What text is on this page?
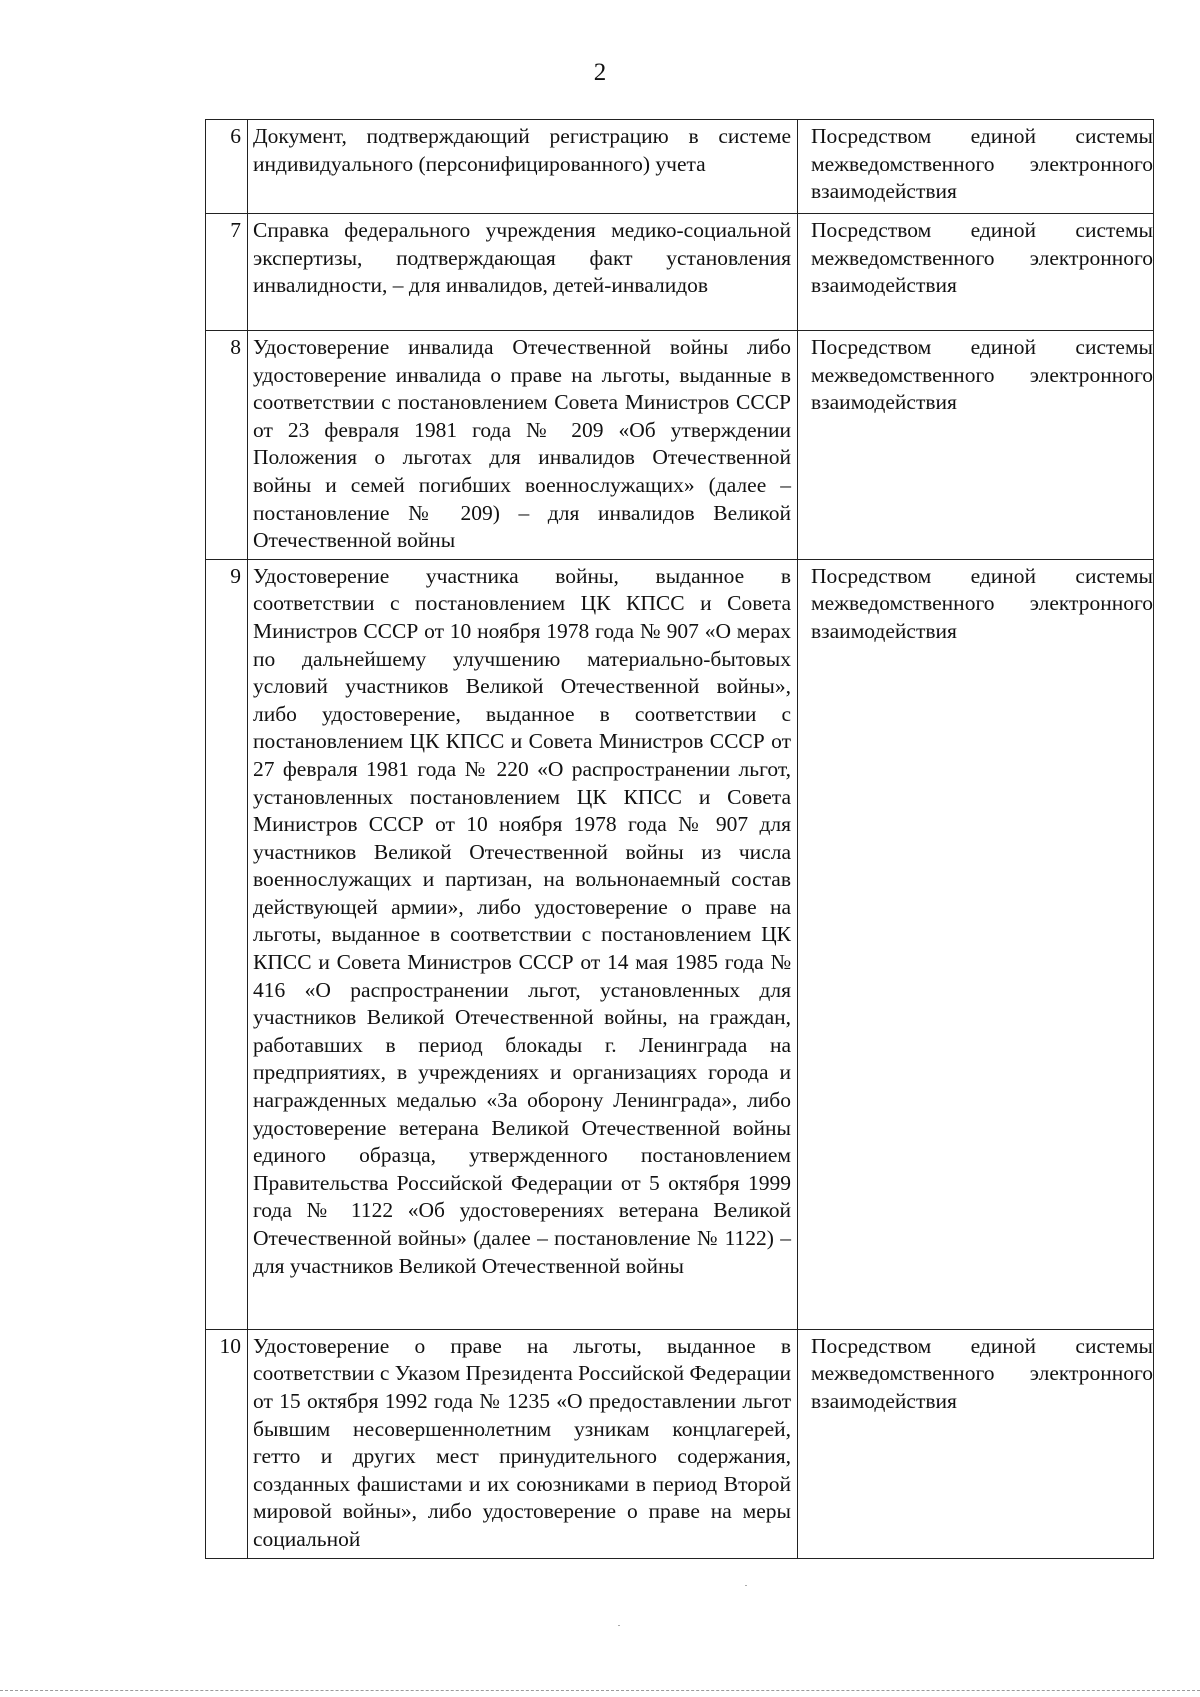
2
6	Документ, подтверждающий регистрацию в системе индивидуального (персонифицированного) учета	Посредством единой системы межведомственного электронного взаимодействия
7	Справка федерального учреждения медико-социальной экспертизы, подтверждающая факт установления инвалидности, – для инвалидов, детей-инвалидов	Посредством единой системы межведомственного электронного взаимодействия
8	Удостоверение инвалида Отечественной войны либо удостоверение инвалида о праве на льготы, выданные в соответствии с постановлением Совета Министров СССР от 23 февраля 1981 года № 209 «Об утверждении Положения о льготах для инвалидов Отечественной войны и семей погибших военнослужащих» (далее – постановление № 209) – для инвалидов Великой Отечественной войны	Посредством единой системы межведомственного электронного взаимодействия
9	Удостоверение участника войны, выданное в соответствии с постановлением ЦК КПСС и Совета Министров СССР от 10 ноября 1978 года № 907 «О мерах по дальнейшему улучшению материально-бытовых условий участников Великой Отечественной войны», либо удостоверение, выданное в соответствии с постановлением ЦК КПСС и Совета Министров СССР от 27 февраля 1981 года № 220 «О распространении льгот, установленных постановлением ЦК КПСС и Совета Министров СССР от 10 ноября 1978 года № 907 для участников Великой Отечественной войны из числа военнослужащих и партизан, на вольнонаемный состав действующей армии», либо удостоверение о праве на льготы, выданное в соответствии с постановлением ЦК КПСС и Совета Министров СССР от 14 мая 1985 года № 416 «О распространении льгот, установленных для участников Великой Отечественной войны, на граждан, работавших в период блокады г. Ленинграда на предприятиях, в учреждениях и организациях города и награжденных медалью «За оборону Ленинграда», либо удостоверение ветерана Великой Отечественной войны единого образца, утвержденного постановлением Правительства Российской Федерации от 5 октября 1999 года № 1122 «Об удостоверениях ветерана Великой Отечественной войны» (далее – постановление № 1122) – для участников Великой Отечественной войны	Посредством единой системы межведомственного электронного взаимодействия
10	Удостоверение о праве на льготы, выданное в соответствии с Указом Президента Российской Федерации от 15 октября 1992 года № 1235 «О предоставлении льгот бывшим несовершеннолетним узникам концлагерей, гетто и других мест принудительного содержания, созданных фашистами и их союзниками в период Второй мировой войны», либо удостоверение о праве на меры социальной	Посредством единой системы межведомственного электронного взаимодействия
